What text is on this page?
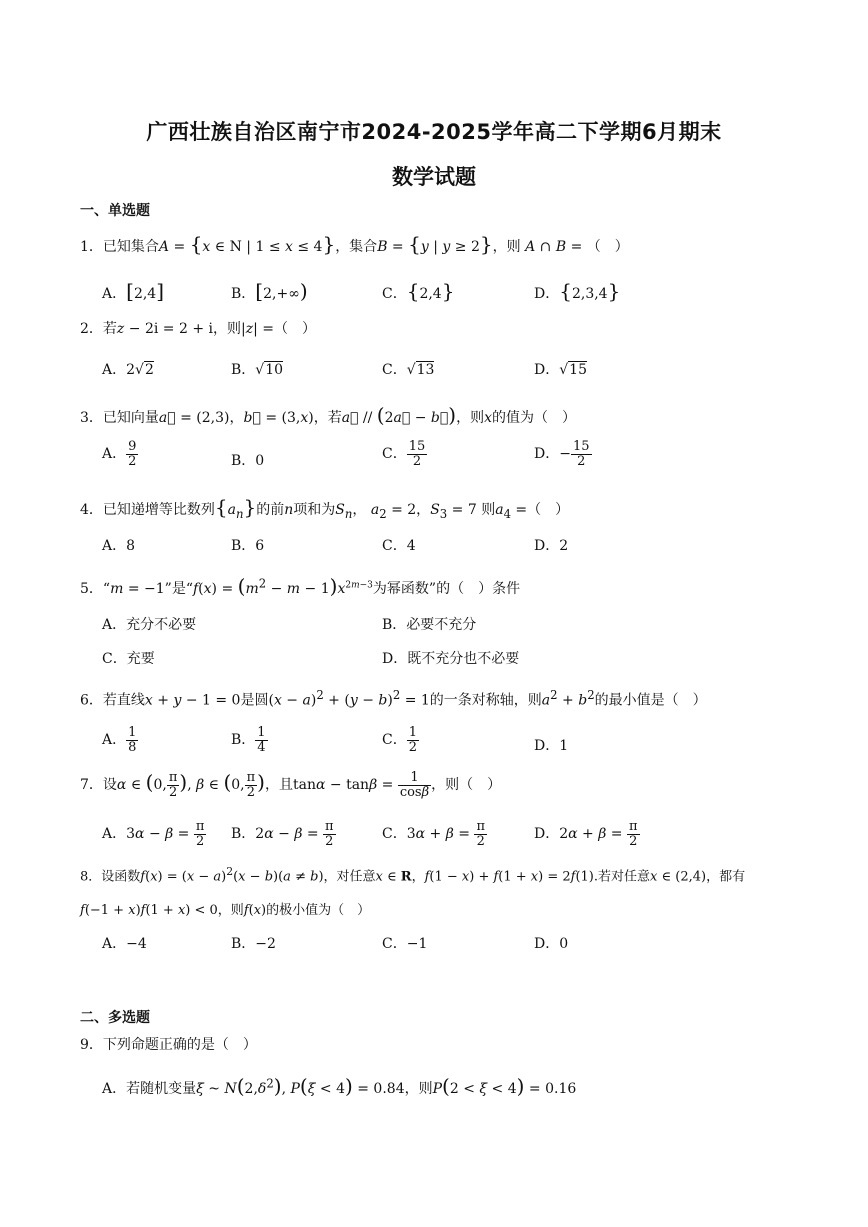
广西壮族自治区南宁市2024-2025学年高二下学期6月期末
数学试题
一、单选题
1．已知集合A = {x ∈ N | 1 ≤ x ≤ 4}，集合B = {y | y ≥ 2}，则 A ∩ B = （　）
A．[2,4]	B．[2,+∞)	C．{2,4}	D．{2,3,4}
2．若z − 2i = 2 + i，则|z| =（　）
A．2√2	B．√10	C．√13	D．√15
3．已知向量a⃗ = (2,3)，b⃗ = (3,x)，若a⃗ // (2a⃗ − b⃗)，则x的值为（　）
A． $\frac{9}{2}$	B．0	C． $\frac{15}{2}$	D．− $\frac{15}{2}$
4．已知递增等比数列$\{a_n\}$的前n项和为$S_n$， $a_2 = 2$，$S_3 = 7$ 则$a_4$ =（　）
A．8	B．6	C．4	D．2
5．“m = −1”是“$f(x) = (m^2 - m - 1)x^{2m-3}$为幂函数”的（　）条件
A．充分不必要	B．必要不充分
C．充要	D．既不充分也不必要
6．若直线x + y − 1 = 0是圆$(x - a)^2 + (y - b)^2 = 1$的一条对称轴，则$a^2 + b^2$的最小值是（　）
A． $\frac{1}{8}$	B． $\frac{1}{4}$	C． $\frac{1}{2}$	D．1
7．设α ∈ (0, $\frac{\pi}{2}$ ), β ∈ (0, $\frac{\pi}{2}$ )，且$\tan\alpha - \tan\beta = \frac{1}{\cos\beta}$ ，则（　）
A．$3\alpha - \beta = \frac{\pi}{2}$ B．$2\alpha - \beta = \frac{\pi}{2}$	C．$3\alpha + \beta = \frac{\pi}{2}$	D．$2\alpha + \beta = \frac{\pi}{2}$
8．设函数$f(x) = (x - a)^2(x - b)(a \ne b)$，对任意x ∈ R，f(1 − x) + f(1 + x) = 2f(1).若对任意x ∈ (2,4)，都有
f(−1 + x)f(1 + x) < 0，则f(x)的极小值为（　）
A．−4	B．−2	C．−1	D．0
二、多选题
9．下列命题正确的是（　）
A．若随机变量ξ ~ $N(2,\delta^2)$, P(ξ < 4) = 0.84，则P(2 < ξ < 4) = 0.16
